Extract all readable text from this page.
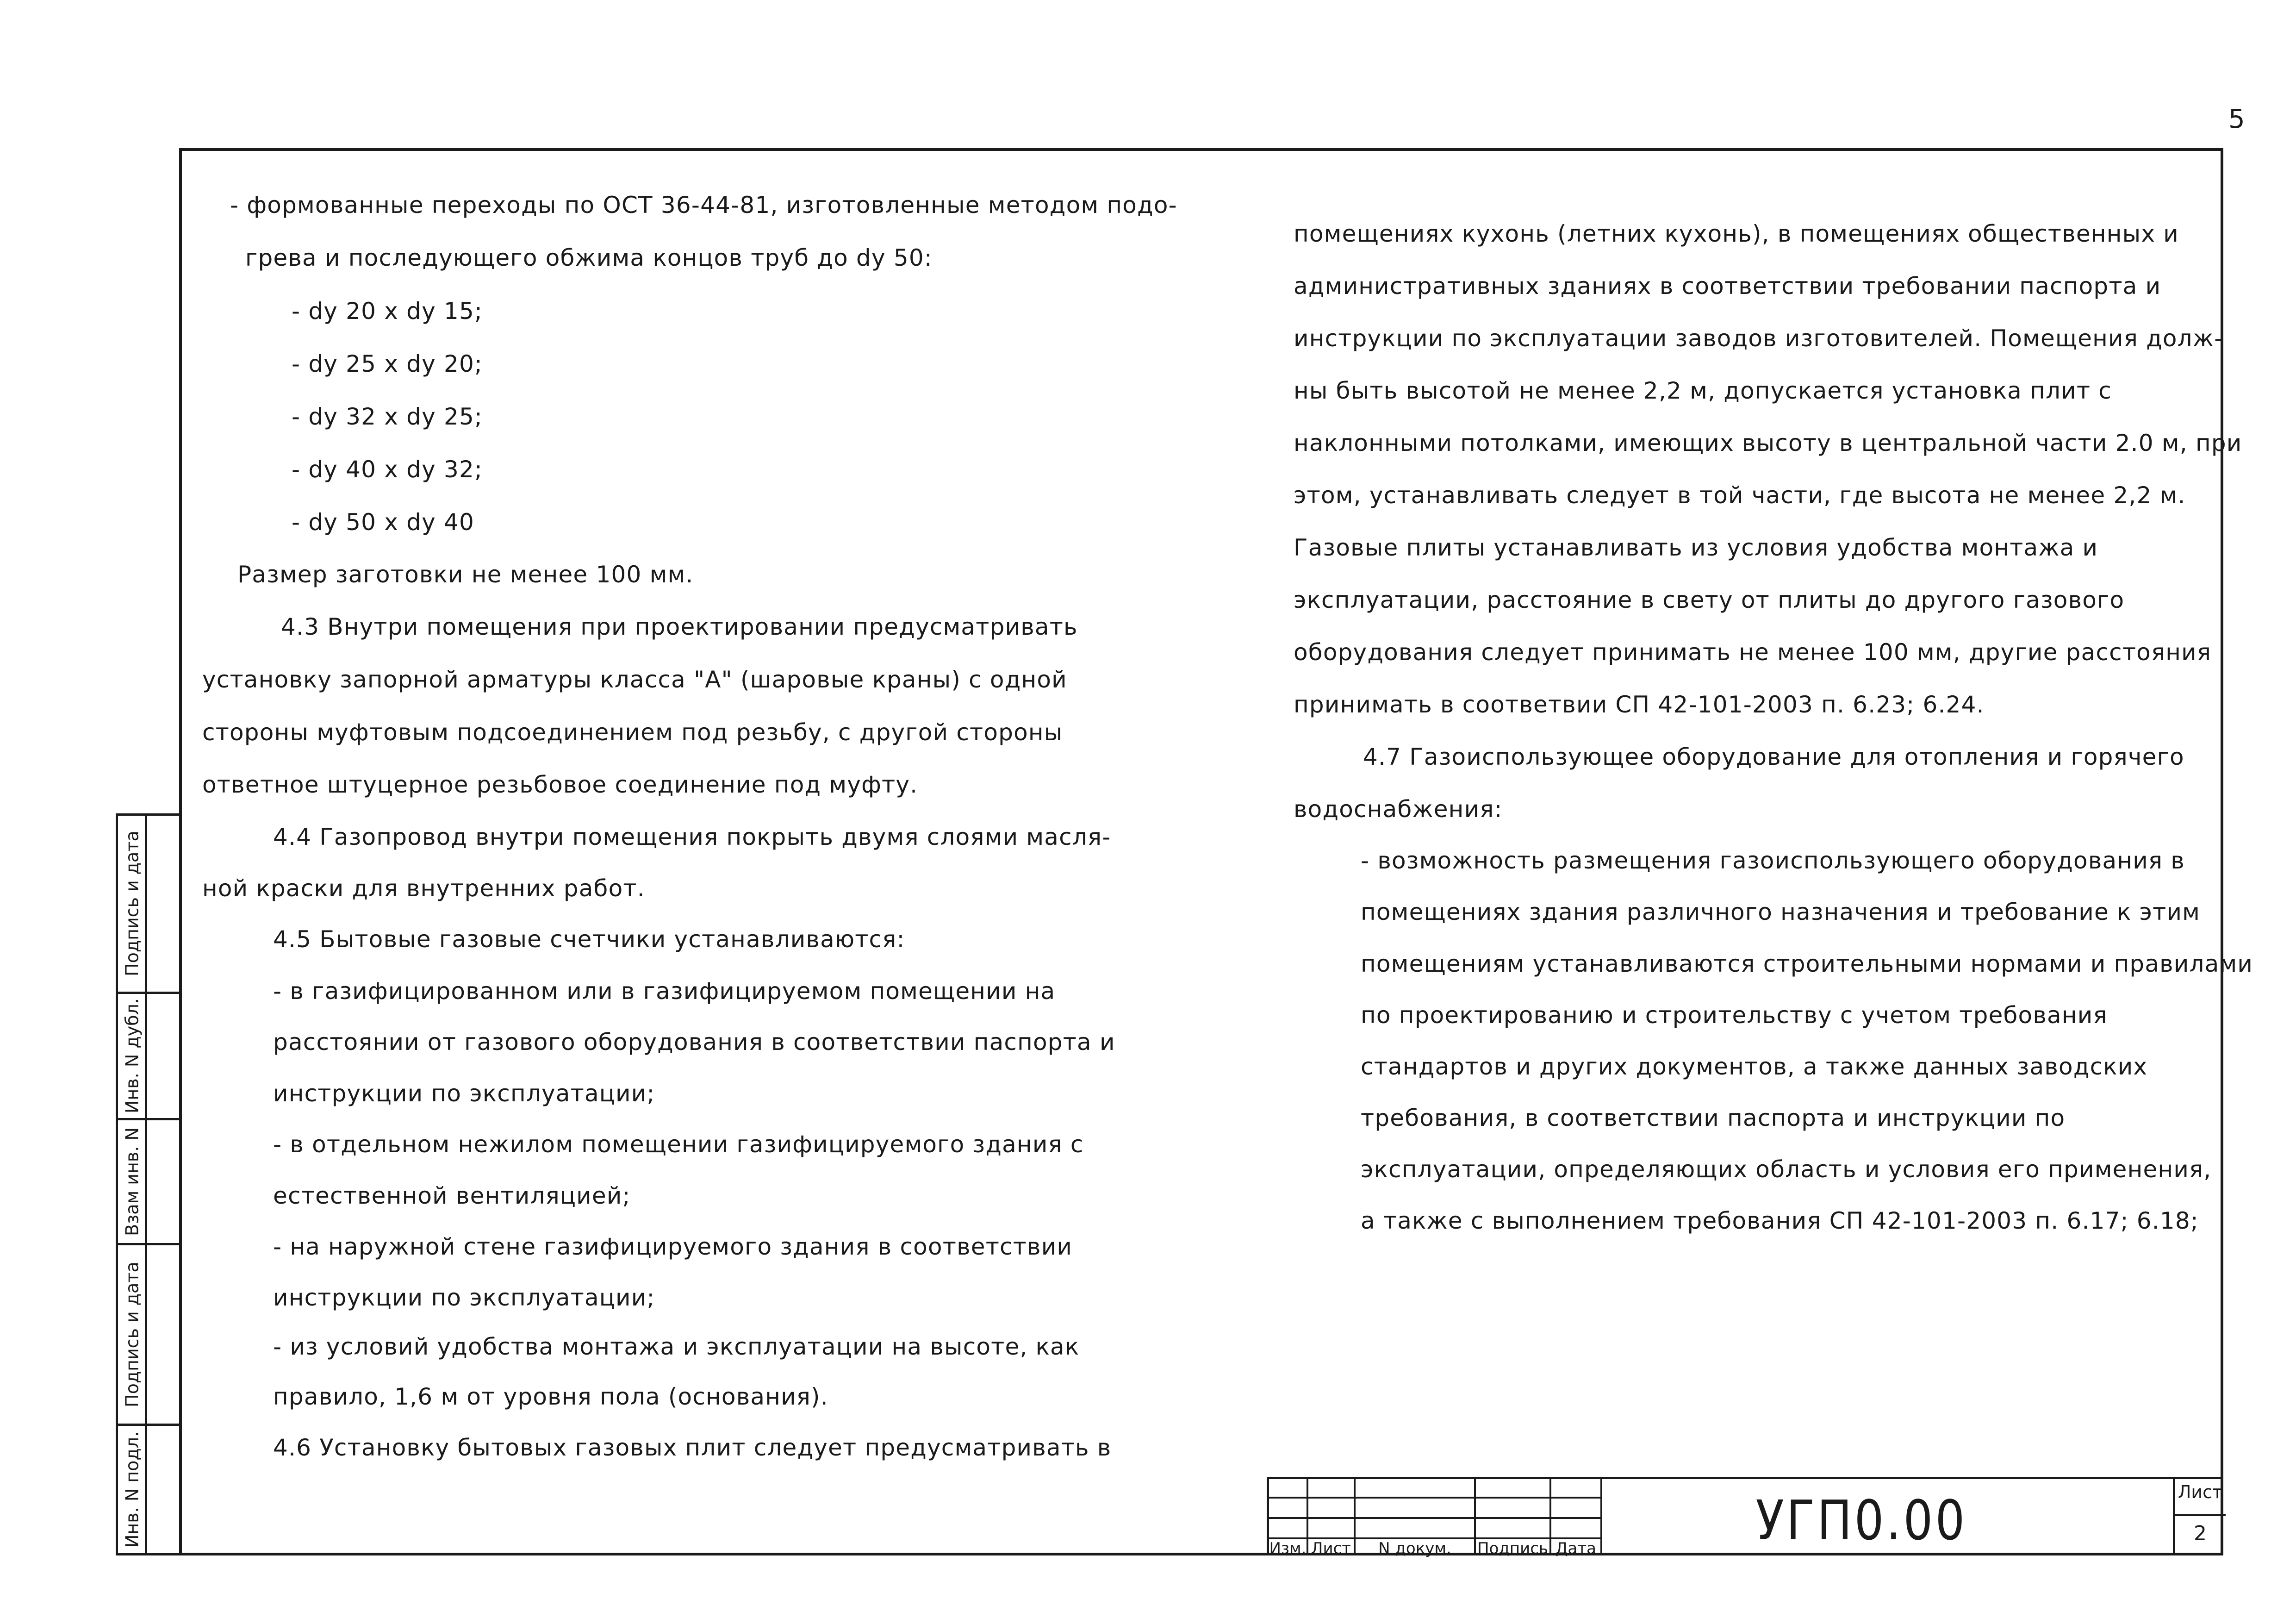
5
- формованные переходы по ОСТ 36-44-81, изготовленные методом подо-
грева и последующего обжима концов труб до dy 50:
- dy 20 x dy 15;
- dy 25 x dy 20;
- dy 32 x dy 25;
- dy 40 x dy 32;
- dy 50 x dy 40
Размер заготовки не менее 100 мм.
4.3 Внутри помещения при проектировании предусматривать
установку запорной арматуры класса "А" (шаровые краны) с одной
стороны муфтовым подсоединением под резьбу, с другой стороны
ответное штуцерное резьбовое соединение под муфту.
4.4 Газопровод внутри помещения покрыть двумя слоями масля-
ной краски для внутренних работ.
4.5 Бытовые газовые счетчики устанавливаются:
- в газифицированном или в газифицируемом помещении на
расстоянии от газового оборудования в соответствии паспорта и
инструкции по эксплуатации;
- в отдельном нежилом помещении газифицируемого здания с
естественной вентиляцией;
- на наружной стене газифицируемого здания в соответствии
инструкции по эксплуатации;
- из условий удобства монтажа и эксплуатации на высоте, как
правило, 1,6 м от уровня пола (основания).
4.6 Установку бытовых газовых плит следует предусматривать в
помещениях кухонь (летних кухонь), в помещениях общественных и
административных зданиях в соответствии требовании паспорта и
инструкции по эксплуатации заводов изготовителей. Помещения долж-
ны быть высотой не менее 2,2 м, допускается установка плит с
наклонными потолками, имеющих высоту в центральной части 2.0 м, при
этом, устанавливать следует в той части, где высота не менее 2,2 м.
Газовые плиты устанавливать из условия удобства монтажа и
эксплуатации, расстояние в свету от плиты до другого газового
оборудования следует принимать не менее 100 мм, другие расстояния
принимать в соответвии СП 42-101-2003 п. 6.23; 6.24.
4.7 Газоиспользующее оборудование для отопления и горячего
водоснабжения:
- возможность размещения газоиспользующего оборудования в
помещениях здания различного назначения и требование к этим
помещениям устанавливаются строительными нормами и правилами
по проектированию и строительству с учетом требования
стандартов и других документов, а также данных заводских
требования, в соответствии паспорта и инструкции по
эксплуатации, определяющих область и условия его применения,
а также с выполнением требования СП 42-101-2003 п. 6.17; 6.18;
Подпись и дата
Инв. N дубл.
Взам инв. N
Подпись и дата
Инв. N подл.
Изм. Лист	N докум.	Подпись Дата	УГП0.00	Лист
2
